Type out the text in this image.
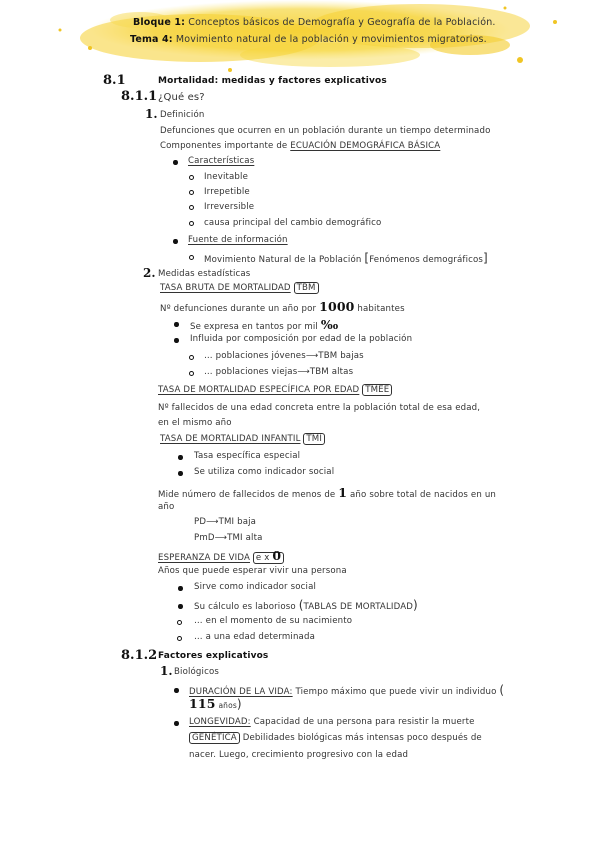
Bloque 1: Conceptos básicos de Demografía y Geografía de la Población.
Tema 4: Movimiento natural de la población y movimientos migratorios.
8.1	Mortalidad: medidas y factores explicativos
8.1.1 ¿Qué es?
1. Definición
Defunciones que ocurren en un población durante un tiempo determinado
Componentes importante de ECUACIÓN DEMOGRÁFICA BÁSICA
Características
Inevitable
Irrepetible
Irreversible
causa principal del cambio demográfico
Fuente de información
Movimiento Natural de la Población [Fenómenos demográficos]
2. Medidas estadísticas
TASA BRUTA DE MORTALIDAD TBM
Nº defunciones durante un año por 1000 habitantes
Se expresa en tantos por mil ‰
Influida por composición por edad de la población
… poblaciones jóvenes⟶TBM bajas
… poblaciones viejas⟶TBM altas
TASA DE MORTALIDAD ESPECÍFICA POR EDAD TMEE
Nº fallecidos de una edad concreta entre la población total de esa edad,
en el mismo año
TASA DE MORTALIDAD INFANTIL TMI
Tasa específica especial
Se utiliza como indicador social
Mide número de fallecidos de menos de 1 año sobre total de nacidos en un
año
PD⟶TMI baja
PmD⟶TMI alta
ESPERANZA DE VIDA e x 0
Años que puede esperar vivir una persona
Sirve como indicador social
Su cálculo es laborioso (TABLAS DE MORTALIDAD)
… en el momento de su nacimiento
… a una edad determinada
8.1.2 Factores explicativos
1. Biológicos
DURACIÓN DE LA VIDA: Tiempo máximo que puede vivir un individuo (
115 años)
LONGEVIDAD: Capacidad de una persona para resistir la muerte
GENÉTICA Debilidades biológicas más intensas poco después de
nacer. Luego, crecimiento progresivo con la edad
